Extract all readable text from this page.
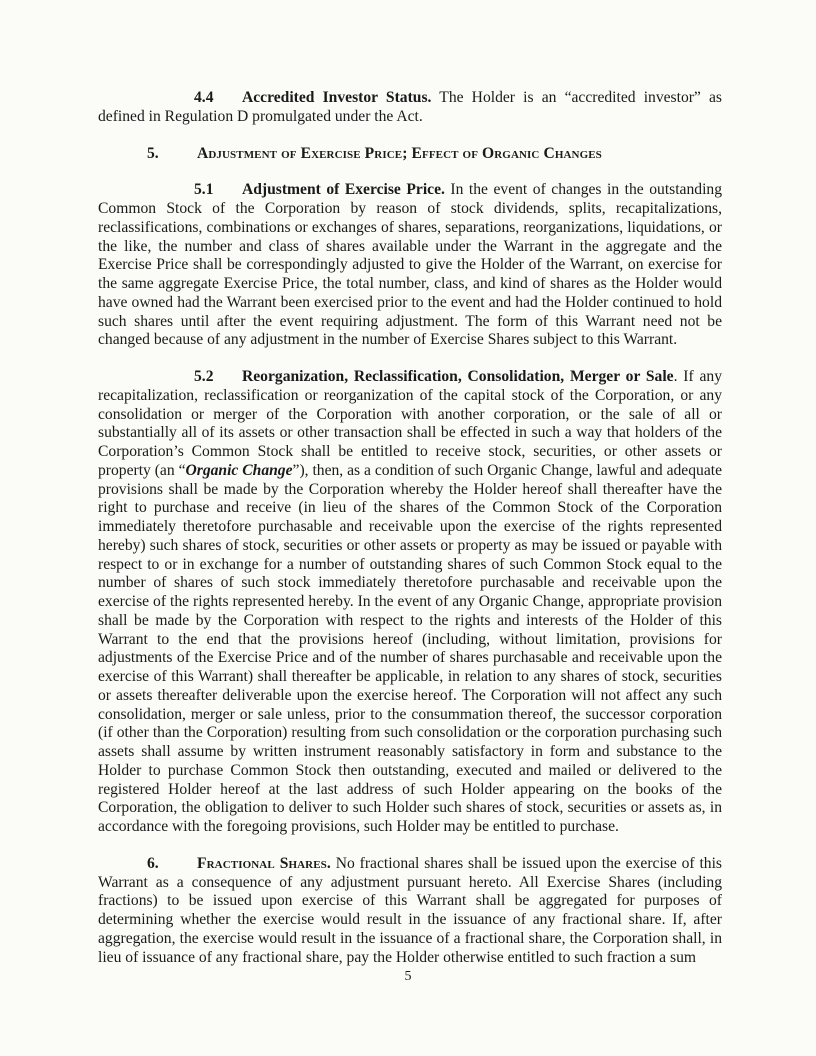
4.4 Accredited Investor Status. The Holder is an “accredited investor” as defined in Regulation D promulgated under the Act.

5. Adjustment of Exercise Price; Effect of Organic Changes

5.1 Adjustment of Exercise Price. In the event of changes in the outstanding Common Stock of the Corporation by reason of stock dividends, splits, recapitalizations, reclassifications, combinations or exchanges of shares, separations, reorganizations, liquidations, or the like, the number and class of shares available under the Warrant in the aggregate and the Exercise Price shall be correspondingly adjusted to give the Holder of the Warrant, on exercise for the same aggregate Exercise Price, the total number, class, and kind of shares as the Holder would have owned had the Warrant been exercised prior to the event and had the Holder continued to hold such shares until after the event requiring adjustment. The form of this Warrant need not be changed because of any adjustment in the number of Exercise Shares subject to this Warrant.

5.2 Reorganization, Reclassification, Consolidation, Merger or Sale. If any recapitalization, reclassification or reorganization of the capital stock of the Corporation, or any consolidation or merger of the Corporation with another corporation, or the sale of all or substantially all of its assets or other transaction shall be effected in such a way that holders of the Corporation’s Common Stock shall be entitled to receive stock, securities, or other assets or property (an “Organic Change”), then, as a condition of such Organic Change, lawful and adequate provisions shall be made by the Corporation whereby the Holder hereof shall thereafter have the right to purchase and receive (in lieu of the shares of the Common Stock of the Corporation immediately theretofore purchasable and receivable upon the exercise of the rights represented hereby) such shares of stock, securities or other assets or property as may be issued or payable with respect to or in exchange for a number of outstanding shares of such Common Stock equal to the number of shares of such stock immediately theretofore purchasable and receivable upon the exercise of the rights represented hereby. In the event of any Organic Change, appropriate provision shall be made by the Corporation with respect to the rights and interests of the Holder of this Warrant to the end that the provisions hereof (including, without limitation, provisions for adjustments of the Exercise Price and of the number of shares purchasable and receivable upon the exercise of this Warrant) shall thereafter be applicable, in relation to any shares of stock, securities or assets thereafter deliverable upon the exercise hereof. The Corporation will not affect any such consolidation, merger or sale unless, prior to the consummation thereof, the successor corporation (if other than the Corporation) resulting from such consolidation or the corporation purchasing such assets shall assume by written instrument reasonably satisfactory in form and substance to the Holder to purchase Common Stock then outstanding, executed and mailed or delivered to the registered Holder hereof at the last address of such Holder appearing on the books of the Corporation, the obligation to deliver to such Holder such shares of stock, securities or assets as, in accordance with the foregoing provisions, such Holder may be entitled to purchase.

6. Fractional Shares. No fractional shares shall be issued upon the exercise of this Warrant as a consequence of any adjustment pursuant hereto. All Exercise Shares (including fractions) to be issued upon exercise of this Warrant shall be aggregated for purposes of determining whether the exercise would result in the issuance of any fractional share. If, after aggregation, the exercise would result in the issuance of a fractional share, the Corporation shall, in lieu of issuance of any fractional share, pay the Holder otherwise entitled to such fraction a sum

5
